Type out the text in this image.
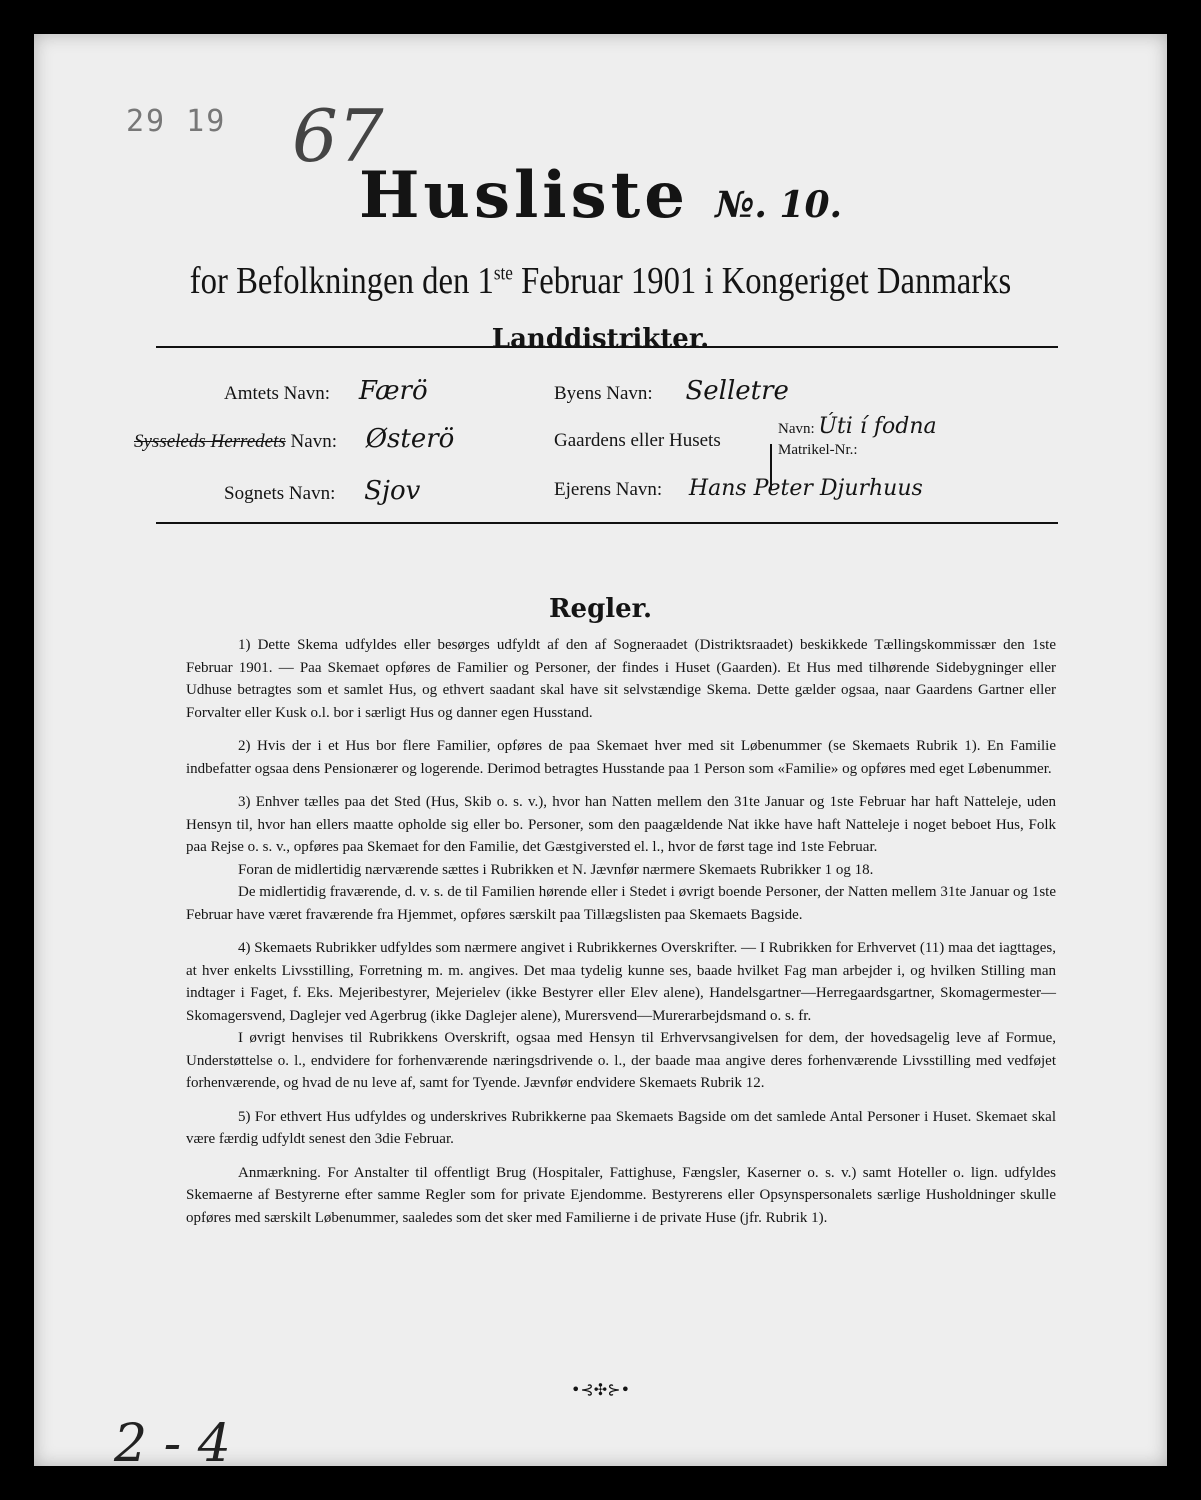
29 19 67
Husliste №. 10.
for Befolkningen den 1ste Februar 1901 i Kongeriget Danmarks
Landdistrikter.
Amtets Navn: Færö	Byens Navn: Selletre
Sysseleds Herredets Navn: Østerö	Gaardens eller Husets
Navn: Úti í fodna
Matrikel-Nr.:
Sognets Navn: Sjov	Ejerens Navn: Hans Peter Djurhuus
Regler.

1) Dette Skema udfyldes eller besørges udfyldt af den af Sogneraadet (Distriktsraadet) beskikkede Tællingskommissær den 1ste Februar 1901. — Paa Skemaet opføres de Familier og Personer, der findes i Huset (Gaarden). Et Hus med tilhørende Sidebygninger eller Udhuse betragtes som et samlet Hus, og ethvert saadant skal have sit selvstændige Skema. Dette gælder ogsaa, naar Gaardens Gartner eller Forvalter eller Kusk o.l. bor i særligt Hus og danner egen Husstand.

2) Hvis der i et Hus bor flere Familier, opføres de paa Skemaet hver med sit Løbenummer (se Skemaets Rubrik 1). En Familie indbefatter ogsaa dens Pensionærer og logerende. Derimod betragtes Husstande paa 1 Person som «Familie» og opføres med eget Løbenummer.

3) Enhver tælles paa det Sted (Hus, Skib o. s. v.), hvor han Natten mellem den 31te Januar og 1ste Februar har haft Natteleje, uden Hensyn til, hvor han ellers maatte opholde sig eller bo. Personer, som den paagældende Nat ikke have haft Natteleje i noget beboet Hus, Folk paa Rejse o. s. v., opføres paa Skemaet for den Familie, det Gæstgiversted el. l., hvor de først tage ind 1ste Februar.

Foran de midlertidig nærværende sættes i Rubrikken et N. Jævnfør nærmere Skemaets Rubrikker 1 og 18.

De midlertidig fraværende, d. v. s. de til Familien hørende eller i Stedet i øvrigt boende Personer, der Natten mellem 31te Januar og 1ste Februar have været fraværende fra Hjemmet, opføres særskilt paa Tillægslisten paa Skemaets Bagside.

4) Skemaets Rubrikker udfyldes som nærmere angivet i Rubrikkernes Overskrifter. — I Rubrikken for Erhvervet (11) maa det iagttages, at hver enkelts Livsstilling, Forretning m. m. angives. Det maa tydelig kunne ses, baade hvilket Fag man arbejder i, og hvilken Stilling man indtager i Faget, f. Eks. Mejeribestyrer, Mejerielev (ikke Bestyrer eller Elev alene), Handelsgartner—Herregaardsgartner, Skomagermester—Skomagersvend, Daglejer ved Agerbrug (ikke Daglejer alene), Murersvend—Murerarbejdsmand o. s. fr.

I øvrigt henvises til Rubrikkens Overskrift, ogsaa med Hensyn til Erhvervsangivelsen for dem, der hovedsagelig leve af Formue, Understøttelse o. l., endvidere for forhenværende næringsdrivende o. l., der baade maa angive deres forhenværende Livsstilling med vedføjet forhenværende, og hvad de nu leve af, samt for Tyende. Jævnfør endvidere Skemaets Rubrik 12.

5) For ethvert Hus udfyldes og underskrives Rubrikkerne paa Skemaets Bagside om det samlede Antal Personer i Huset. Skemaet skal være færdig udfyldt senest den 3die Februar.

Anmærkning. For Anstalter til offentligt Brug (Hospitaler, Fattighuse, Fængsler, Kaserner o. s. v.) samt Hoteller o. lign. udfyldes Skemaerne af Bestyrerne efter samme Regler som for private Ejendomme. Bestyrerens eller Opsynspersonalets særlige Husholdninger skulle opføres med særskilt Løbenummer, saaledes som det sker med Familierne i de private Huse (jfr. Rubrik 1).

•⊰✣⊱•
2 - 4
